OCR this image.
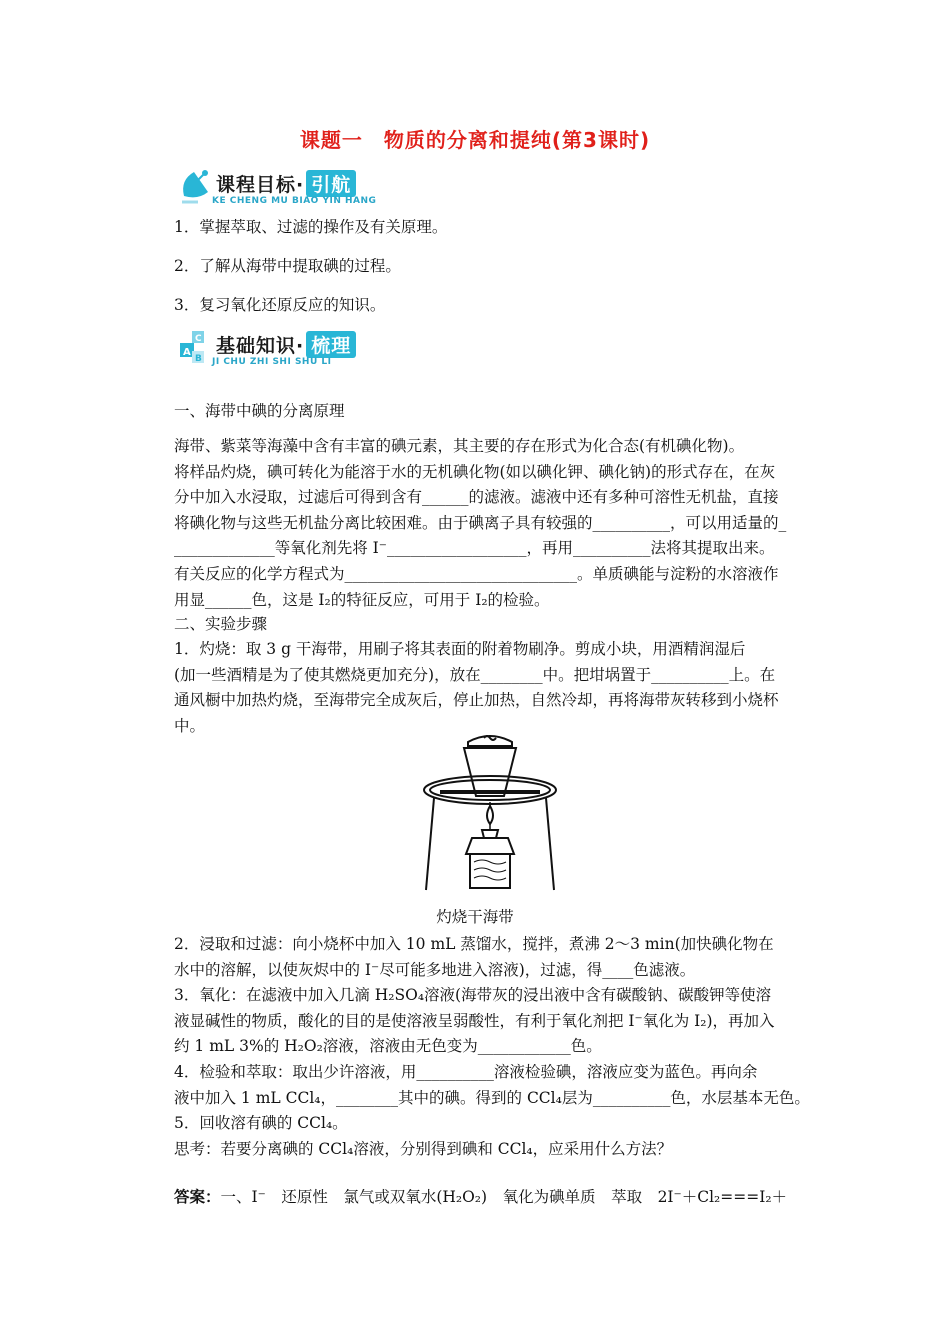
课题一　物质的分离和提纯(第3课时)
课程目标· 引航
KE CHENG MU BIAO YIN HANG
1．掌握萃取、过滤的操作及有关原理。
2．了解从海带中提取碘的过程。
3．复习氧化还原反应的知识。
A
C
B
基础知识· 梳理
JI CHU ZHI SHI SHU LI
一、海带中碘的分离原理
海带、紫菜等海藻中含有丰富的碘元素，其主要的存在形式为化合态(有机碘化物)。
将样品灼烧，碘可转化为能溶于水的无机碘化物(如以碘化钾、碘化钠)的形式存在，在灰
分中加入水浸取，过滤后可得到含有______的滤液。滤液中还有多种可溶性无机盐，直接
将碘化物与这些无机盐分离比较困难。由于碘离子具有较强的__________，可以用适量的_
_____________等氧化剂先将 I⁻__________________，再用__________法将其提取出来。
有关反应的化学方程式为______________________________。单质碘能与淀粉的水溶液作
用显______色，这是 I₂的特征反应，可用于 I₂的检验。
二、实验步骤
1．灼烧：取 3 g 干海带，用刷子将其表面的附着物刷净。剪成小块，用酒精润湿后
(加一些酒精是为了使其燃烧更加充分)，放在________中。把坩埚置于__________上。在
通风橱中加热灼烧，至海带完全成灰后，停止加热，自然冷却，再将海带灰转移到小烧杯
中。
灼烧干海带
2．浸取和过滤：向小烧杯中加入 10 mL 蒸馏水，搅拌，煮沸 2～3 min(加快碘化物在
水中的溶解，以使灰烬中的 I⁻尽可能多地进入溶液)，过滤，得____色滤液。
3．氧化：在滤液中加入几滴 H₂SO₄溶液(海带灰的浸出液中含有碳酸钠、碳酸钾等使溶
液显碱性的物质，酸化的目的是使溶液呈弱酸性，有利于氧化剂把 I⁻氧化为 I₂)，再加入
约 1 mL 3%的 H₂O₂溶液，溶液由无色变为____________色。
4．检验和萃取：取出少许溶液，用__________溶液检验碘，溶液应变为蓝色。再向余
液中加入 1 mL CCl₄，________其中的碘。得到的 CCl₄层为__________色，水层基本无色。
5．回收溶有碘的 CCl₄。
思考：若要分离碘的 CCl₄溶液，分别得到碘和 CCl₄，应采用什么方法？
答案：一、I⁻　还原性　氯气或双氧水(H₂O₂)　氧化为碘单质　萃取　2I⁻＋Cl₂===I₂＋
